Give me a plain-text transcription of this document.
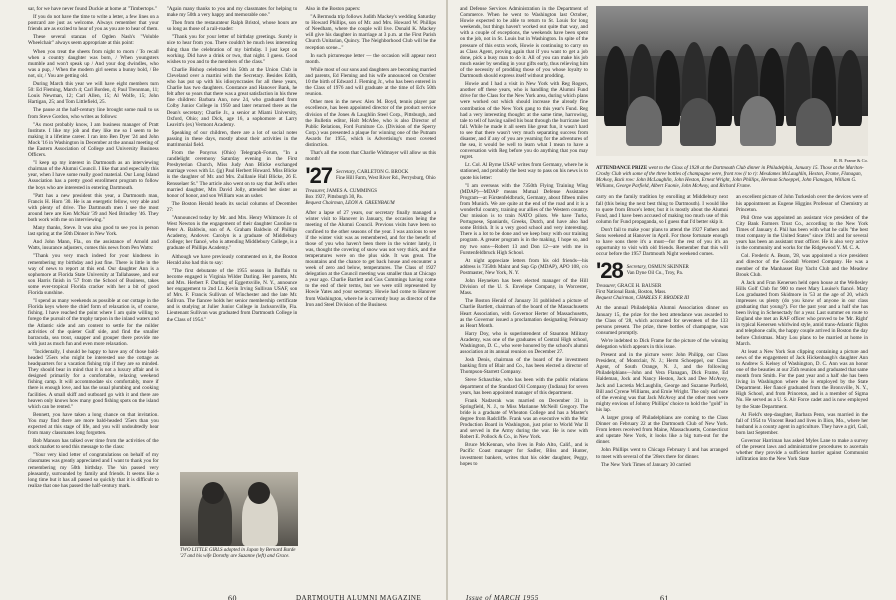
sar, for we have never found Duckie at home at "Timbertops."

If you do not have the time to write a letter, a few lines on a postcard are just as welcome. Always remember that your friends are as excited to hear of you as you are to hear of them.

These several stanzas of Ogden Nash's "Voluble Wheelchair" always seem appropriate at this point:

When you treat the sheets from night to morn / To recall when a country daughter was born, / When youngsters mumble and won't speak up / And your dog dwindles, who was a pup, / When the modern girl seems a bunny bold, / Be not, sir, / You are getting old.

During March this year we will have eight members turn 50: Ed Fleming, March 4; Carl Borden, 4; Paul Trennman, 11; Louis Newman, 12; Carl Allen, 15; Al Wolfe, 15; John Hartigan, 25; and Tom Littlefield, 25.

The pause at the half-century line brought some mail to us from Steve Gordon, who writes as follows:

"As most probably know, I am business manager of Pratt Institute. I like my job and they like me so I seem to be making it a lifetime career. I ran into Ben Dyer '24 and John Mock '16 in Washington in December at the annual meeting of the Eastern Association of College and University Business Officers.

"I keep up my interest in Dartmouth as an interviewing chairman of the Alumni Council. I like that and especially this year, when I have some really good material. Our Long Island Association has a pretty good enrollment program to follow the boys who are interested in entering Dartmouth.

"Patt has a new president this year, a Dartmouth man, Francis H. Horn '30. He is an energetic fellow, very able and with plenty of drive. The Dartmouth men I see the most around here are Ken McNair '39 and Ned Brindley '46. They both work with me on interviewing."

Many thanks, Steve. It was also good to see you in person last spring at the 50th Dinner in New York.

And John Mann, Fla., on the assistance of Arnold and Watts, insurance adjusters, comes this news from Pen Watts:

"Thank you very much indeed for your kindness in remembering my birthday and just fine. There is little in the way of news to report at this end. Our daughter Ann is a sophomore at Florida State University at Tallahassee, and our son Harris finish in '57 from the School of Business, takes some ever-tropical Florida cracker with her a bit of good Florida sunshine.

"I spend as many weekends as possible at our cottage in the Florida keys where the chief form of relaxation is, of course, fishing. I have reached the point where I am quite willing to forego the pursuit of the trophy tarpon in the inland waters and the Atlantic side and am content to settle for the milder activities of the quieter Gulf side, and find the smaller barracuda, sea trout, snapper and grouper there provide me with just as much fun and even more relaxation.

"Incidentally, I should be happy to have any of those bald-headed '25ers who might be interested use the cottage as headquarters for a vacation fishing trip if they are so minded. They should bear in mind that it is not a luxury affair and is designed primarily for a comfortable, relaxing weekend fishing camp. It will accommodate six comfortably, more if there is enough love, and has the usual plumbing and cooking facilities. A small skiff and outboard go with it and there are heaven only knows how many good fishing spots on the island which can be rented."

Bennett, you have taken a long chance on that invitation. You may find there are more bald-headed '25ers than you expected at this stage of life, and you will undoubtedly hear from many classmates long forgotten.

Bob Manson has talked over time from the activities of the stock market to send this message to the class:

"Your very kind letter of congratulations on behalf of my classmates was greatly appreciated and I want to thank you for remembering my 50th birthday. The 'sin passed very pleasantly, surrounded by family and friends. It seems like a long time but it has all passed so quickly that it is difficult to realize that one has passed the half-century mark.

"Again many thanks to you and my classmates for helping to make my 50th a very happy and memorable one."

Then from the restaurateur Ralph Bristol, whose hours are so long as those of a rail-roader:

"Thank you for your letter of birthday greetings. Surely is nice to hear from you. There couldn't be much less interesting thing than the celebration of my birthday. I just kept on working. Did have a drink or two, that night. I guess. Good wishes to you and to the members of the class."

Charlie Bishop celebrated his 50th at the Union Club in Cleveland over a martini with the Secretary. Besides Edith, who has put up with his idiosyncrasies for all these years, Charlie has two daughters. Constance and Hanover Bank, he felt after so years that there was a great satisfaction in his three fine children: Barbara Ann, now 24, who graduated from Colby Junior College in 1950 and later returned there as the Dean's secretary; Charlie Jr., a senior at Miami University, Oxford, Ohio; and Dick, age 16, a sophomore at Larry Leavitt's (ex) Vermont Academy.

Speaking of our children, there are a lot of social notes passing in these days, mostly about their activities in the matrimonial field.

From the Ponyrus (Ohio) Telegraph-Forum, "In a candlelight ceremony Saturday evening in the First Presbyterian Church, Miss Judy Ann Blicke exchanged marriage vows with Lt. (jg) Paul Herbert Howard. Miss Blicke is the daughter of Mr. and Mrs. Zuillanie Hall Blicke, 26 E. Rensselaer St." The article also went on to say that Jedi's other married daughter, Mrs David Jolly, attended her sister as honor of honor, and son William was an usher.

The Boston Herald heads its social columns of December 27:

"Announced today by Mr. and Mrs. Henry Whitmore Jr. of West Newton is the engagement of their daughter Caroline to Peter A. Baldwin, son of A. Graham Baldwin of Phillips Academy, Andover. Carolyn is a graduate of Middlebury College; her fiancé, who is attending Middlebury College, is a graduate of Phillips Academy."

Although we have previously commented on it, the Boston Herald also had this to say:

"The first debutante of the 1955 season in Buffalo to become engaged is Virginia Wilder Darling. Her parents, Mr. and Mrs. Herbert F. Darling of Eggertsville, N. Y., announce her engagement to 2nd Lt. Kevin Irving Sullivan USAF, son of Mrs. F. Francis Sullivan of Winchester and the late Mr. Sullivan. The fiancee holds her senior membership certificate and is studying at Julier Junior College in Jacksonville, Fla. Lieutenant Sullivan was graduated from Dartmouth College in the Class of 1954."

Also in the Boston papers:

"A Bermuda trip follows Judith Mackey's wedding Saturday to Howard Phillips, son of Mr. and Mrs. Howard W. Phillips of Needham, where the couple will live. Donald K. Mackey will give his daughter in marriage at 3 p.m. at the First Parish Church Unitarian, Quincy. The Neighborhood Club will be the reception scene..."

In such picturesque letter — the occasion will appear next month.

While most of our sons and daughters are becoming married and parents, Ed Fleming and his wife announced on October 10 the birth of Edward J. Fleming Jr., who has been entered in the Class of 1976 and will graduate at the time of Ed's 50th reunion.

Other men in the news: Alex M. Boyd, tennis player par excellence, has been appointed director of the product service division of the Jones & Laughlin Steel Corp., Pittsburgh, and the Bulletin editor, Holt McAfee, who is also Director of Public Relations, Ford Furniture Co. (Division of the Sperry Corp.) was presented a plaque for winning one of the Putnam Awards for 1955, which is Advertising's most coveted distinction.

That's all the room that Charlie Widmayer will allow us this month!

'27 Secretary, CARLETON G. BROCK
Fine Hill Farm, West River Rd., Perrysburg, Ohio
Treasurer, JAMES A. CUMMINGS
Box 1927, Pittsburgh 30, Pa.
Bequest Chairman, LEON A. GREENBAUM

After a lapse of 27 years, our secretary finally managed a winter visit to Hanover in January, the occasion being the meeting of the Alumni Council. Previous visits have been so confined to the other seasons of the year. I was anxious to see if the winter visit was as remembered, and for the benefit of those of you who haven't been there in the winter lately, it was, thought the covering of snow was not very thick, and the temperatures were on the plus side. It was great. The mountains and the chance to get back house and encounter a week of zero and below, temperatures. The Class of 1927 delegation at the Council meeting was smaller than at Chicago a year ago. Charlie Bartlett and Gus Cummings having come to the end of their terms, but we were still represented by Howie Yates and your secretary. Howie had come to Hanover from Washington, where he is currently busy as director of the Iron and Steel Division of the Business

TWO LITTLE GIRLS adopted in Japan by Bernard Barde '27 and his wife Dorothy are Suzanne (left) and Grace.
60	DARTMOUTH ALUMNI MAGAZINE

and Defense Services Administration in the Department of Commerce. When he went to Washington last October, Howie expected to be able to return to St. Louis for long weekends, but things haven't worked out quite that way, and with a couple of exceptions, the weekends have been spent on the job, not in St. Louis but in Washington. In spite of the pressure of this extra work, Howie is continuing to carry on as Class Agent, proving again that if you want to get a job done, pick a busy man to do it. All of you can make his job much easier by sending in your gifts early, thus relieving him of the necessity of prodding those of you whose loyalty to Dartmouth should express itself without prodding.

Howie and I had a visit in New York with Reg Rogers, another off these years, who is handling the Alumni Fund drive for the Class for the New York area, during which plans were worked out which should increase the already fine contribution of the New York gang to this year's Fund. Reg had a very interesting thought: at the same time, harrowing, tale to tell of having sailed his boat through the hurricane last fall. While he made it all seem like great fun, it wasn't hard to see that there wasn't very much separating success from disaster, and if any of you are yearning for the adventures of the sea, it would be well to learn what I mean to have a conversation with Reg before you do anything that you may regret.

Lt. Col. Al Byrne USAF writes from Germany, where he is stationed, and probably the best way to pass on his news is to quote his letter:

"I am overseas with the 7350th Flying Training Wing (MDAP)—MDAP means Mutual Defense Assistance Program—at Fürstenfeldbruck, Germany, about fifteen miles from Munich. We are quite at the end of the road and it is a wonderful country, training our allies of the Western country. Our mission is to train NATO pilots. We have Turks, Portuguese, Spaniards, Greeks, Dutch, and have also had some British. It is a very good school and very interesting. There is a lot to be done and we keep busy with our training program. A greater program is in the making, I hope so, and my two sons—Robert 13 and Don 12—are with me in Furstenfeldbruck High School.

At night appreciate letters from his old friends—his address is 7350th Maint and Sup Gp (MDAP), APO 108, c/o Postmaster, New York, N. Y.

John Heyneken has been elected manager of the Hill Division of the U. S. Envelope Company, in Worcester, Mass.

The Boston Herald of January 31 published a picture of Charlie Bartlett, chairman of the board of the Massachusetts Heart Association, with Governor Herter of Massachusetts, as the Governor issued a proclamation designating February as Heart Month.

Harry Doy, who is superintendent of Staunton Military Academy, was one of the graduates of Central High school, Washington, D. C., who were honored by the school's alumni association at its annual reunion on December 27.

Josh Denis, chairman of the board of the investment banking firm of Blair and Co., has been elected a director of Thompson-Starrett Company.

Steve Schaschke, who has been with the public relations department of the Standard Oil Company (Indiana) for seven years, has been appointed manager of this department.

Frank Nadzerak was married on December 31 in Springfield, N. J., to Miss Marianne McNeill Gregory. The bride is a graduate of Wheaton College and has a Master's degree from Radcliffe. Frank was an executive with the War Production Board in Washington, just prior to World War II and served in the Army during the war. He is now with Robert E. Pollock & Co., in New York.

Bruce McKennan, who lives in Palo Alto, Calif., and is Pacific Coast manager for Sadler, Bliss and Hunter, investment bankers, writes that his older daughter, Peggy, hopes to

R. B. Frame & Co.
ATTENDANCE PRIZE went to the Class of 1928 at the Dartmouth Club dinner in Philadelphia, January 15. Those at the Mariton-Crosby Club with some of the three bottles of champagne were, front row (l to r): Mesdames McLaughlin, Heston, Frame, Flanagan, McAvoy, Back row: John McLaughlin, John Heston, Ernest Wright, John Phillips, Herman Schoeppel, John Flanagan, William G. Williams, George Parfield, Albert Faonie, John McAvoy, and Richard Frame.

carry on the family tradition by enrolling at Middlebury next fall (this being the next best thing to Dartmouth). I would like to quote from Bruce's letter, but it is mostly about the Alumni Fund, and I have been accused of making too much use of this column for Fund propaganda, so I guess that I'd better skip it.

Don't fail to make your plans to attend the 1927 Fathers and Sons weekend at Hanover in April. For those fortunate enough to have sons there it's a must—for the rest of you it's an opportunity to visit with old friends. Remember that this will occur before the 1957 Dartmouth Night weekend comes.

'28 Secretary, OSMUN SKINNER
Van Dyne Oil Co., Troy, Pa.
Treasurer, GRACE H. BAUSER
First National Bank, Boston, Mass.
Bequest Chairman, CHARLES F. BRODER III

At the annual Philadelphia Alumni Association dinner on January 15, the prize for the best attendance was awarded to the Class of '28, which accounted for seventeen of the 133 persons present. The prize, three bottles of champagne, was consumed promptly.

We're indebted to Dick Frame for the picture of the winning delegation which appears in this issue.

Present and in the picture were: John Philipp, our Class President, of Montclair, N. J.; Herm Schoeppel, our Class Agent, of South Orange, N. J., and the following Philadelphians—John and Vera Flanagan, Dick Frame, Ed Haldeman, Jock and Nancy Heston, Jack and Dee McAvoy, Jack and Lucretia McLaughlin, George and Suzanne Parfield, Bill and Cyrene Williams, and Ernie Wright. The only sad note of the evening was that Jack McAvoy and the other men were mighty envious of Johnny Phillips' choice to hold the "gold" in his lap.

A larger group of Philadelphians are coming to the Class Dinner on February 22 at the Dartmouth Club of New York. From letters received from Maine, Massachusetts, Connecticut and upstate New York, it looks like a big turn-out for the dinner.

John Phillips went to Chicago February 1 and has arranged to meet with several of the '28ers there for dinner.

The New York Times of January 30 carried

an excellent picture of John Turkesloh over the devices were of his appointment as Eugene Higgins Professor of Chemistry at Princeton.

Phil Orne was appointed an assistant vice president of the City Bank Farmers Trust Co., according to the New York Times of January 4. Phil has been with what he calls "the best trust company in the United States" since 1941 and for several years has been an assistant trust officer. He is also very active in the community and works for the Ridgewood Y. M. C. A.

Col. Frederic A. Beam, '28, was appointed a vice president and director of the Goodall Worsted Company. He was a member of the Manhasset Bay Yacht Club and the Meadow Brook Club.

A Jack and Fran Kenersen held open house at the Wellesley Hills Golf Club for 900 to meet Mary Louise's fiancé. Mary Lou graduated from Skidmore in '53 at the age of 20, which impresses us plenty (do you know of anyone in our class graduating that young?). For the past year and a half she has been living in Schenectady for a year. Last summer en route to England she met an RAF officer who proved to be 'Mr. Right' in typical Kenersen whirlwind style, amid trans-Atlantic flights and telephone calls, the happy couple arrived in Boston the day before Christmas. Mary Lou plans to be married at home in March.

At least a New York Sun clipping containing a picture and news of the engagement of Jack Hickenbaugh's daughter Ann to Andrew S. Kelsey of Washington, D. C. Ann was an honor one of the beauties at our 25th reunion and graduated that same month from Smith. For the past year and a half she has been living in Washington where she is employed by the State Department. Her fiancé graduated from the Bronxville, N. Y., High School, and from Princeton, and is a member of Sigma Nu. He served as a U. S. Air Force cadet and is now employed by the State Department.

At Field's step-daughter, Barbara Penn, was married in the fall of 1954 to Vincent Read and lives in Ilion, Mo., where her husband is a county agent in agriculture. They have a girl, Gail, born last September.

Governor Harriman has asked Myles Lane to make a survey of the present laws and administrative procedures to ascertain whether they provide a sufficient barrier against Communist infiltration into the New York State

Issue of MARCH 1955	61
